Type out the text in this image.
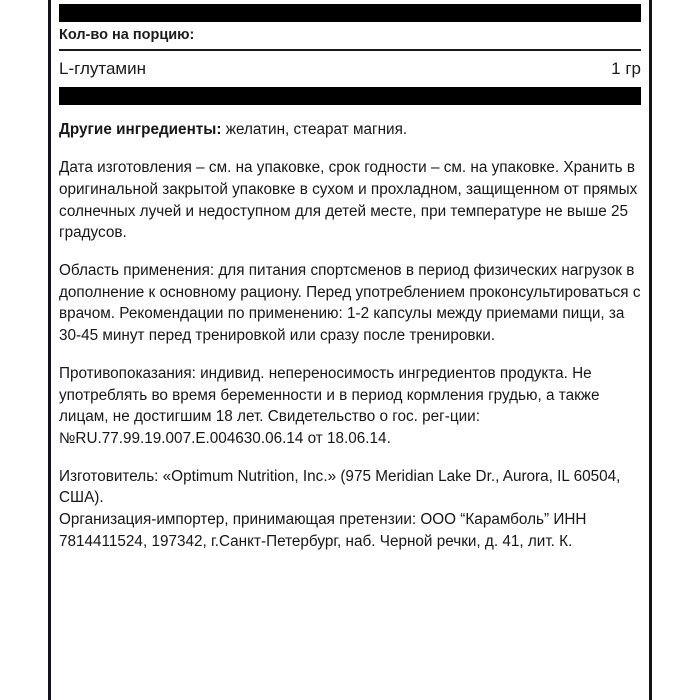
Кол-во на порцию:
L-глутамин	1 гр

Другие ингредиенты: желатин, стеарат магния.

Дата изготовления – см. на упаковке, срок годности – см. на упаковке. Хранить в оригинальной закрытой упаковке в сухом и прохладном, защищенном от прямых солнечных лучей и недоступном для детей месте, при температуре не выше 25 градусов.

Область применения: для питания спортсменов в период физических нагрузок в дополнение к основному рациону. Перед употреблением проконсультироваться с врачом. Рекомендации по применению: 1-2 капсулы между приемами пищи, за 30-45 минут перед тренировкой или сразу после тренировки.

Противопоказания: индивид. непереносимость ингредиентов продукта. Не употреблять во время беременности и в период кормления грудью, а также лицам, не достигшим 18 лет. Свидетельство о гос. рег-ции: №RU.77.99.19.007.Е.004630.06.14 от 18.06.14.

Изготовитель: «Optimum Nutrition, Inc.» (975 Meridian Lake Dr., Aurora, IL 60504, США).

Организация-импортер, принимающая претензии: ООО “Карамболь” ИНН 7814411524, 197342, г.Санкт-Петербург, наб. Черной речки, д. 41, лит. К.
